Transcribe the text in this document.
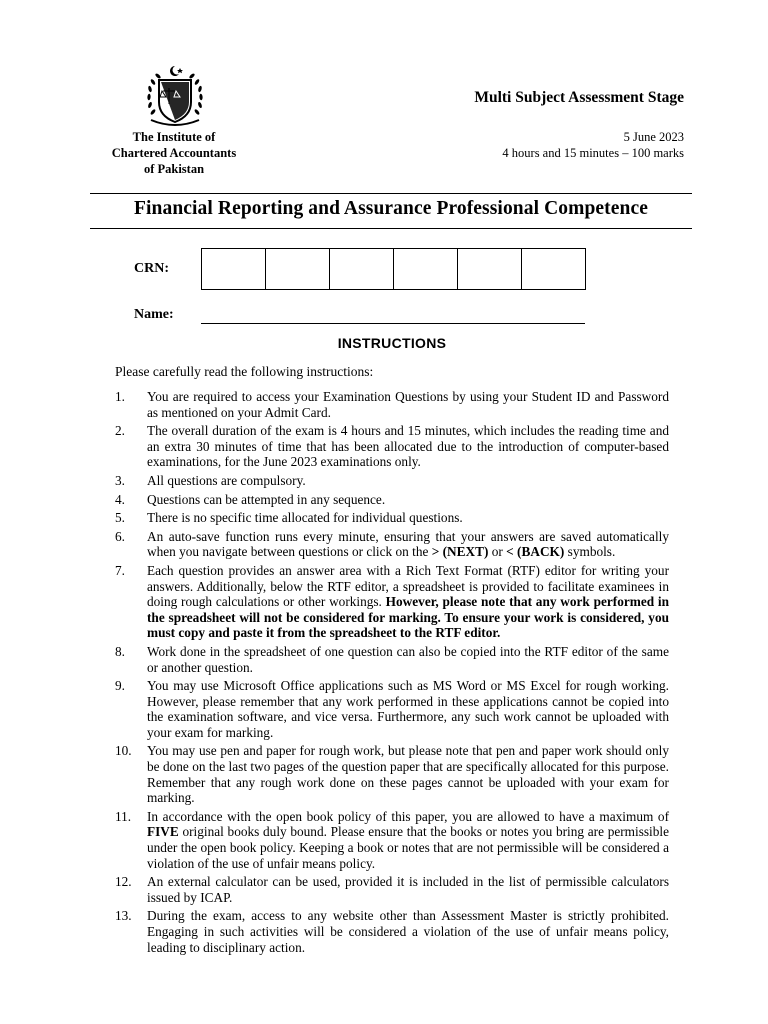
The Institute of
Chartered Accountants
of Pakistan
Multi Subject Assessment Stage
5 June 2023
4 hours and 15 minutes – 100 marks
Financial Reporting and Assurance Professional Competence
CRN:
Name:
INSTRUCTIONS
Please carefully read the following instructions:
1.	You are required to access your Examination Questions by using your Student ID and Password as mentioned on your Admit Card.
2.	The overall duration of the exam is 4 hours and 15 minutes, which includes the reading time and an extra 30 minutes of time that has been allocated due to the introduction of computer-based examinations, for the June 2023 examinations only.
3.	All questions are compulsory.
4.	Questions can be attempted in any sequence.
5.	There is no specific time allocated for individual questions.
6.	An auto-save function runs every minute, ensuring that your answers are saved automatically when you navigate between questions or click on the > (NEXT) or < (BACK) symbols.
7.	Each question provides an answer area with a Rich Text Format (RTF) editor for writing your answers. Additionally, below the RTF editor, a spreadsheet is provided to facilitate examinees in doing rough calculations or other workings. However, please note that any work performed in the spreadsheet will not be considered for marking. To ensure your work is considered, you must copy and paste it from the spreadsheet to the RTF editor.
8.	Work done in the spreadsheet of one question can also be copied into the RTF editor of the same or another question.
9.	You may use Microsoft Office applications such as MS Word or MS Excel for rough working. However, please remember that any work performed in these applications cannot be copied into the examination software, and vice versa. Furthermore, any such work cannot be uploaded with your exam for marking.
10.	You may use pen and paper for rough work, but please note that pen and paper work should only be done on the last two pages of the question paper that are specifically allocated for this purpose. Remember that any rough work done on these pages cannot be uploaded with your exam for marking.
11.	In accordance with the open book policy of this paper, you are allowed to have a maximum of FIVE original books duly bound. Please ensure that the books or notes you bring are permissible under the open book policy. Keeping a book or notes that are not permissible will be considered a violation of the use of unfair means policy.
12.	An external calculator can be used, provided it is included in the list of permissible calculators issued by ICAP.
13.	During the exam, access to any website other than Assessment Master is strictly prohibited. Engaging in such activities will be considered a violation of the use of unfair means policy, leading to disciplinary action.
